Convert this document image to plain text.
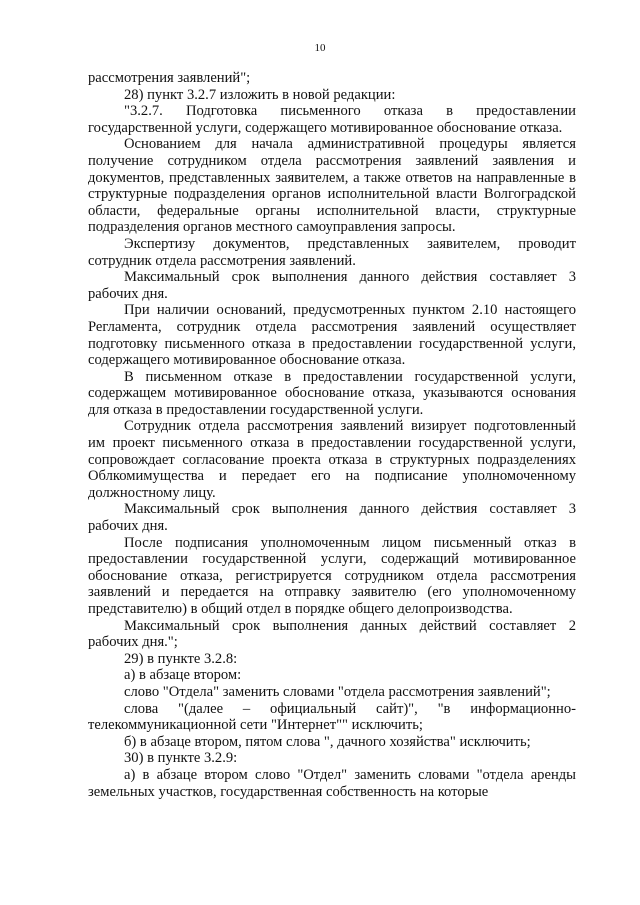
10

рассмотрения заявлений";

28) пункт 3.2.7 изложить в новой редакции:

"3.2.7. Подготовка письменного отказа в предоставлении государственной услуги, содержащего мотивированное обоснование отказа.

Основанием для начала административной процедуры является получение сотрудником отдела рассмотрения заявлений заявления и документов, представленных заявителем, а также ответов на направленные в структурные подразделения органов исполнительной власти Волгоградской области, федеральные органы исполнительной власти, структурные подразделения органов местного самоуправления запросы.

Экспертизу документов, представленных заявителем, проводит сотрудник отдела рассмотрения заявлений.

Максимальный срок выполнения данного действия составляет 3 рабочих дня.

При наличии оснований, предусмотренных пунктом 2.10 настоящего Регламента, сотрудник отдела рассмотрения заявлений осуществляет подготовку письменного отказа в предоставлении государственной услуги, содержащего мотивированное обоснование отказа.

В письменном отказе в предоставлении государственной услуги, содержащем мотивированное обоснование отказа, указываются основания для отказа в предоставлении государственной услуги.

Сотрудник отдела рассмотрения заявлений визирует подготовленный им проект письменного отказа в предоставлении государственной услуги, сопровождает согласование проекта отказа в структурных подразделениях Облкомимущества и передает его на подписание уполномоченному должностному лицу.

Максимальный срок выполнения данного действия составляет 3 рабочих дня.

После подписания уполномоченным лицом письменный отказ в предоставлении государственной услуги, содержащий мотивированное обоснование отказа, регистрируется сотрудником отдела рассмотрения заявлений и передается на отправку заявителю (его уполномоченному представителю) в общий отдел в порядке общего делопроизводства.

Максимальный срок выполнения данных действий составляет 2 рабочих дня.";

29) в пункте 3.2.8:

а) в абзаце втором:

слово "Отдела" заменить словами "отдела рассмотрения заявлений";

слова "(далее – официальный сайт)", "в информационно-телекоммуникационной сети "Интернет"" исключить;

б) в абзаце втором, пятом слова ", дачного хозяйства" исключить;

30) в пункте 3.2.9:

а) в абзаце втором слово "Отдел" заменить словами "отдела аренды земельных участков, государственная собственность на которые
